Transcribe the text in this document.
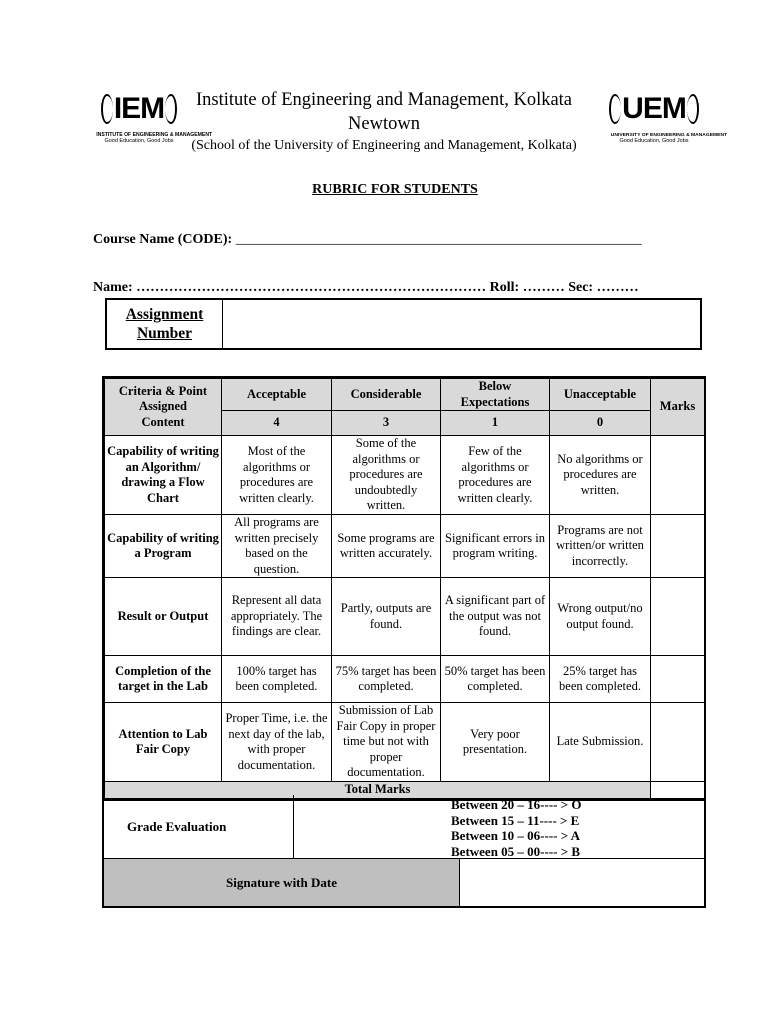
IEM
INSTITUTE OF ENGINEERING & MANAGEMENT
Good Education, Good Jobs
UEM
UNIVERSITY OF ENGINEERING & MANAGEMENT
Good Education, Good Jobs
Institute of Engineering and Management, Kolkata
Newtown
(School of the University of Engineering and Management, Kolkata)
RUBRIC FOR STUDENTS
Course Name (CODE): __________________________________________________________
Name: ………………………………………………………………… Roll: ……… Sec: ………
Assignment
Number
Criteria & Point
Assigned
Content	Acceptable	Considerable	Below Expectations	Unacceptable	Marks
	4	3	1	0	
Capability of writing an Algorithm/ drawing a Flow Chart	Most of the algorithms or procedures are written clearly.	Some of the algorithms or procedures are undoubtedly written.	Few of the algorithms or procedures are written clearly.	No algorithms or procedures are written.	
Capability of writing a Program	All programs are written precisely based on the question.	Some programs are written accurately.	Significant errors in program writing.	Programs are not written/or written incorrectly.	
Result or Output	Represent all data appropriately. The findings are clear.	Partly, outputs are found.	A significant part of the output was not found.	Wrong output/no output found.	
Completion of the target in the Lab	100% target has been completed.	75% target has been completed.	50% target has been completed.	25% target has been completed.	
Attention to Lab Fair Copy	Proper Time, i.e. the next day of the lab, with proper documentation.	Submission of Lab Fair Copy in proper time but not with proper documentation.	Very poor presentation.	Late Submission.	
Total Marks					
Grade Evaluation
Between 20 – 16---- > O
Between 15 – 11---- > E
Between 10 – 06---- > A
Between 05 – 00---- > B
Signature with Date
